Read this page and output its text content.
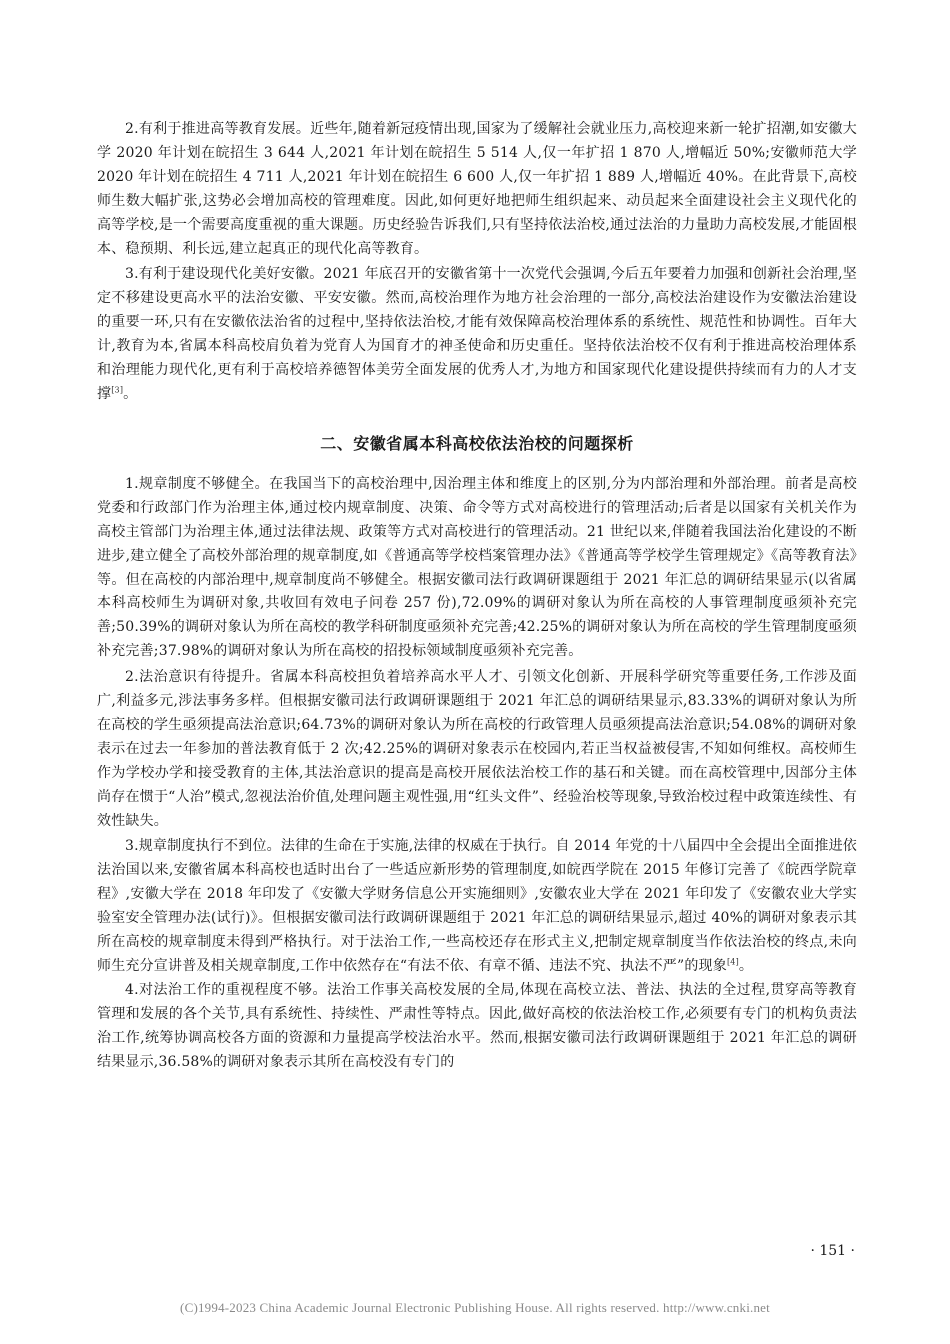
2.有利于推进高等教育发展。近些年,随着新冠疫情出现,国家为了缓解社会就业压力,高校迎来新一轮扩招潮,如安徽大学 2020 年计划在皖招生 3 644 人,2021 年计划在皖招生 5 514 人,仅一年扩招 1 870 人,增幅近 50%;安徽师范大学 2020 年计划在皖招生 4 711 人,2021 年计划在皖招生 6 600 人,仅一年扩招 1 889 人,增幅近 40%。在此背景下,高校师生数大幅扩张,这势必会增加高校的管理难度。因此,如何更好地把师生组织起来、动员起来全面建设社会主义现代化的高等学校,是一个需要高度重视的重大课题。历史经验告诉我们,只有坚持依法治校,通过法治的力量助力高校发展,才能固根本、稳预期、利长远,建立起真正的现代化高等教育。

3.有利于建设现代化美好安徽。2021 年底召开的安徽省第十一次党代会强调,今后五年要着力加强和创新社会治理,坚定不移建设更高水平的法治安徽、平安安徽。然而,高校治理作为地方社会治理的一部分,高校法治建设作为安徽法治建设的重要一环,只有在安徽依法治省的过程中,坚持依法治校,才能有效保障高校治理体系的系统性、规范性和协调性。百年大计,教育为本,省属本科高校肩负着为党育人为国育才的神圣使命和历史重任。坚持依法治校不仅有利于推进高校治理体系和治理能力现代化,更有利于高校培养德智体美劳全面发展的优秀人才,为地方和国家现代化建设提供持续而有力的人才支撑[3]。

二、安徽省属本科高校依法治校的问题探析

1.规章制度不够健全。在我国当下的高校治理中,因治理主体和维度上的区别,分为内部治理和外部治理。前者是高校党委和行政部门作为治理主体,通过校内规章制度、决策、命令等方式对高校进行的管理活动;后者是以国家有关机关作为高校主管部门为治理主体,通过法律法规、政策等方式对高校进行的管理活动。21 世纪以来,伴随着我国法治化建设的不断进步,建立健全了高校外部治理的规章制度,如《普通高等学校档案管理办法》《普通高等学校学生管理规定》《高等教育法》等。但在高校的内部治理中,规章制度尚不够健全。根据安徽司法行政调研课题组于 2021 年汇总的调研结果显示(以省属本科高校师生为调研对象,共收回有效电子问卷 257 份),72.09%的调研对象认为所在高校的人事管理制度亟须补充完善;50.39%的调研对象认为所在高校的教学科研制度亟须补充完善;42.25%的调研对象认为所在高校的学生管理制度亟须补充完善;37.98%的调研对象认为所在高校的招投标领域制度亟须补充完善。

2.法治意识有待提升。省属本科高校担负着培养高水平人才、引领文化创新、开展科学研究等重要任务,工作涉及面广,利益多元,涉法事务多样。但根据安徽司法行政调研课题组于 2021 年汇总的调研结果显示,83.33%的调研对象认为所在高校的学生亟须提高法治意识;64.73%的调研对象认为所在高校的行政管理人员亟须提高法治意识;54.08%的调研对象表示在过去一年参加的普法教育低于 2 次;42.25%的调研对象表示在校园内,若正当权益被侵害,不知如何维权。高校师生作为学校办学和接受教育的主体,其法治意识的提高是高校开展依法治校工作的基石和关键。而在高校管理中,因部分主体尚存在惯于“人治”模式,忽视法治价值,处理问题主观性强,用“红头文件”、经验治校等现象,导致治校过程中政策连续性、有效性缺失。

3.规章制度执行不到位。法律的生命在于实施,法律的权威在于执行。自 2014 年党的十八届四中全会提出全面推进依法治国以来,安徽省属本科高校也适时出台了一些适应新形势的管理制度,如皖西学院在 2015 年修订完善了《皖西学院章程》,安徽大学在 2018 年印发了《安徽大学财务信息公开实施细则》,安徽农业大学在 2021 年印发了《安徽农业大学实验室安全管理办法(试行)》。但根据安徽司法行政调研课题组于 2021 年汇总的调研结果显示,超过 40%的调研对象表示其所在高校的规章制度未得到严格执行。对于法治工作,一些高校还存在形式主义,把制定规章制度当作依法治校的终点,未向师生充分宣讲普及相关规章制度,工作中依然存在“有法不依、有章不循、违法不究、执法不严”的现象[4]。

4.对法治工作的重视程度不够。法治工作事关高校发展的全局,体现在高校立法、普法、执法的全过程,贯穿高等教育管理和发展的各个关节,具有系统性、持续性、严肃性等特点。因此,做好高校的依法治校工作,必须要有专门的机构负责法治工作,统筹协调高校各方面的资源和力量提高学校法治水平。然而,根据安徽司法行政调研课题组于 2021 年汇总的调研结果显示,36.58%的调研对象表示其所在高校没有专门的

· 151 ·
(C)1994-2023 China Academic Journal Electronic Publishing House. All rights reserved. http://www.cnki.net
